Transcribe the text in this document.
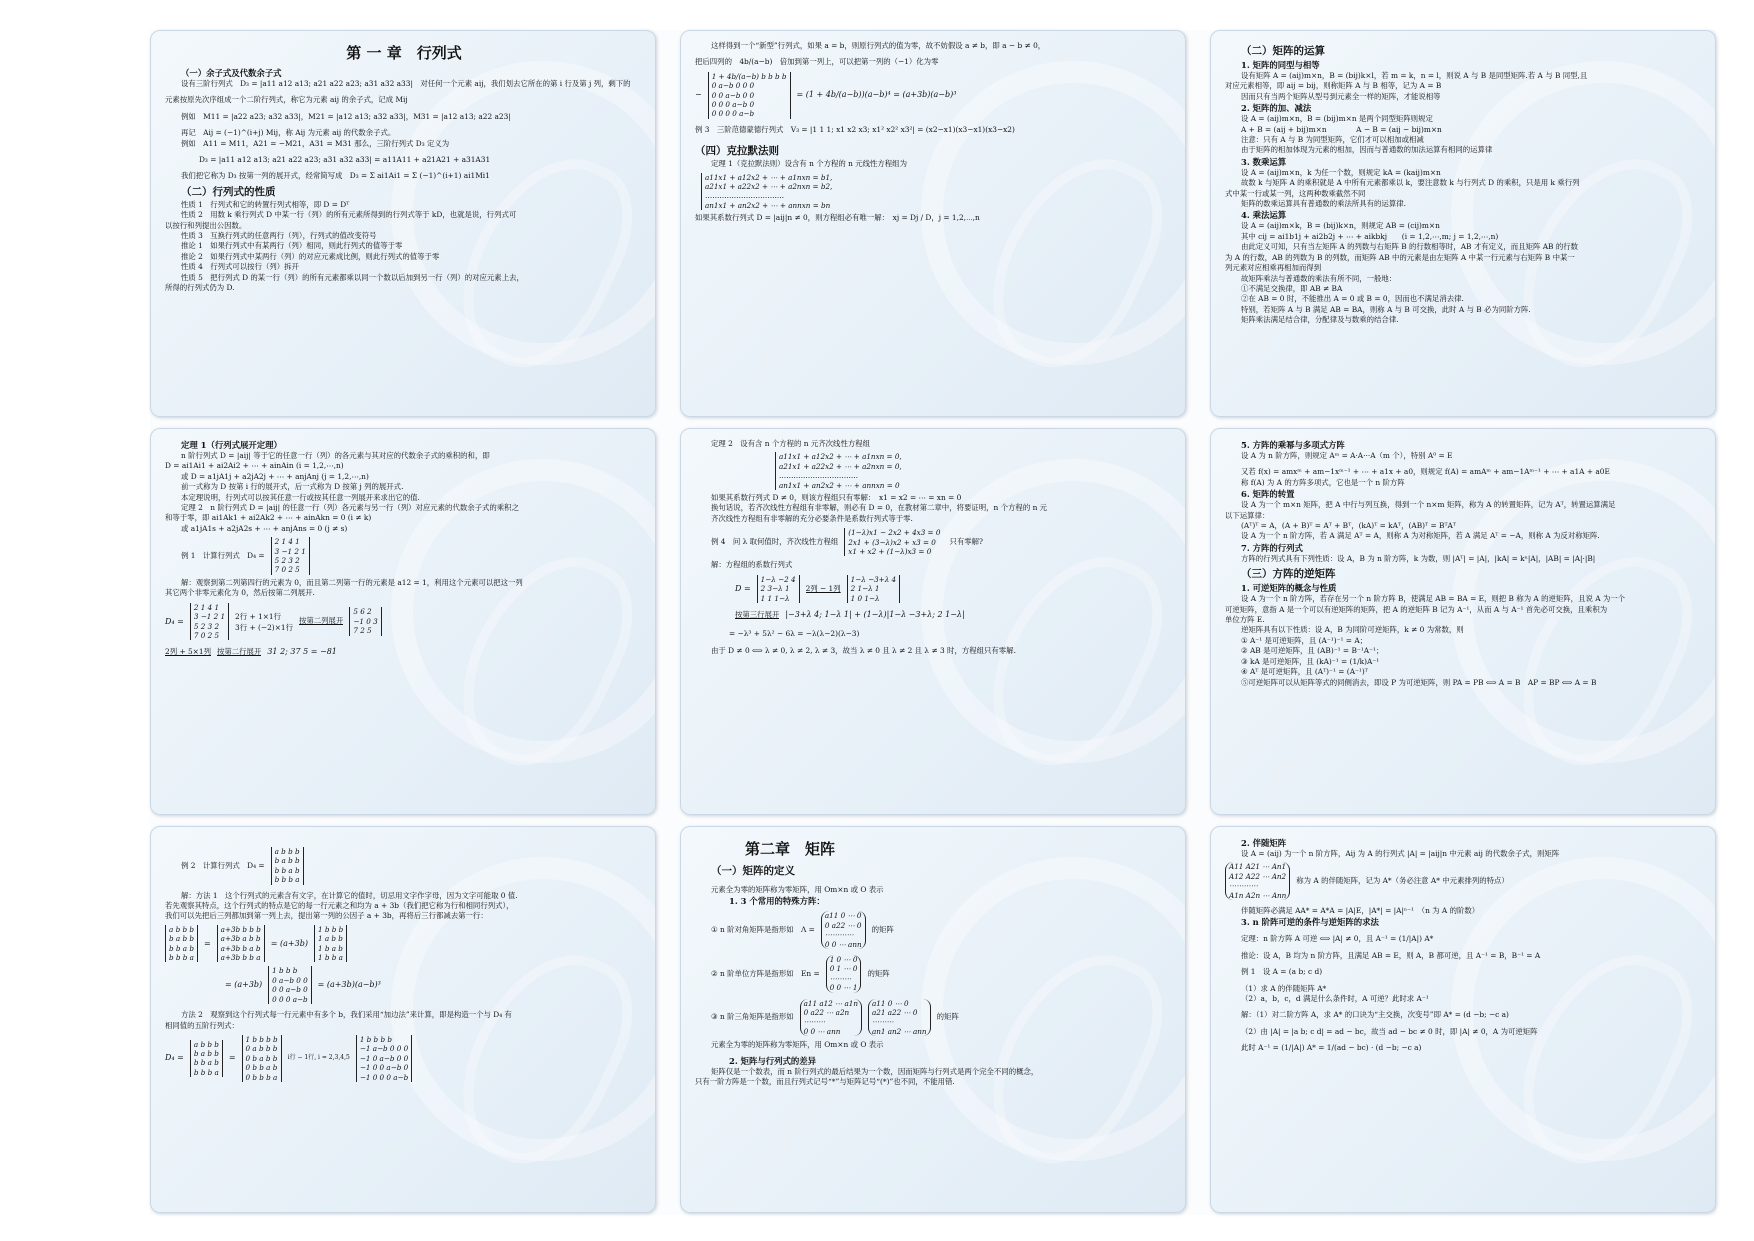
第 一 章　行列式
（一）余子式及代数余子式
设有三阶行列式　D₃ = |a11 a12 a13; a21 a22 a23; a31 a32 a33|　对任何一个元素 aij，我们划去它所在的第 i 行及第 j 列，剩下的
元素按原先次序组成一个二阶行列式，称它为元素 aij 的余子式，记成 Mij
例如　M11 = |a22 a23; a32 a33|，M21 = |a12 a13; a32 a33|，M31 = |a12 a13; a22 a23|
再记　Aij = (−1)^(i+j) Mij，称 Aij 为元素 aij 的代数余子式。
例如　A11 = M11，A21 = −M21，A31 = M31 那么，三阶行列式 D₃ 定义为
D₃ = |a11 a12 a13; a21 a22 a23; a31 a32 a33| = a11A11 + a21A21 + a31A31
我们把它称为 D₃ 按第一列的展开式，经常简写成　D₃ = Σ ai1Ai1 = Σ (−1)^(i+1) ai1Mi1
（二）行列式的性质
性质 1　行列式和它的转置行列式相等，即 D = Dᵀ
性质 2　用数 k 乘行列式 D 中某一行（列）的所有元素所得到的行列式等于 kD，也就是说，行列式可
以按行和列提出公因数。
性质 3　互换行列式的任意两行（列），行列式的值改变符号
推论 1　如果行列式中有某两行（列）相同，则此行列式的值等于零
推论 2　如果行列式中某两行（列）的对应元素成比例，则此行列式的值等于零
性质 4　行列式可以按行（列）拆开
性质 5　把行列式 D 的某一行（列）的所有元素都乘以同一个数以后加到另一行（列）的对应元素上去，
所得的行列式仍为 D.
这样得到一个“新型”行列式，如果 a = b，则原行列式的值为零，故不妨假设 a ≠ b，即 a − b ≠ 0，
把后四列的　4b/(a−b)　倍加到第一列上，可以把第一列的（−1）化为零
−
1 + 4b/(a−b) b b b b
0 a−b 0 0 0
0 0 a−b 0 0
0 0 0 a−b 0
0 0 0 0 a−b
= (1 + 4b/(a−b))(a−b)⁴ = (a+3b)(a−b)³
例 3　三阶范德蒙德行列式　V₃ = |1 1 1; x1 x2 x3; x1² x2² x3²| = (x2−x1)(x3−x1)(x3−x2)
（四）克拉默法则
定理 1（克拉默法则）设含有 n 个方程的 n 元线性方程组为
a11x1 + a12x2 + ⋯ + a1nxn = b1,
a21x1 + a22x2 + ⋯ + a2nxn = b2,
……………………………
an1x1 + an2x2 + ⋯ + annxn = bn
如果其系数行列式 D = |aij|n ≠ 0，则方程组必有唯一解：　xj = Dj / D，j = 1,2,⋯,n
（二）矩阵的运算
1. 矩阵的同型与相等
设有矩阵 A = (aij)m×n，B = (bij)k×l，若 m = k，n = l，则说 A 与 B 是同型矩阵.若 A 与 B 同型,且
对应元素相等，即 aij = bij，则称矩阵 A 与 B 相等，记为 A = B
因而只有当两个矩阵从型号到元素全一样的矩阵，才能说相等
2. 矩阵的加、减法
设 A = (aij)m×n，B = (bij)m×n 是两个同型矩阵则规定
A + B = (aij + bij)m×n　　　　A − B = (aij − bij)m×n
注意：只有 A 与 B 为同型矩阵，它们才可以相加或相减
由于矩阵的相加体现为元素的相加，因而与普通数的加法运算有相同的运算律
3. 数乘运算
设 A = (aij)m×n，k 为任一个数，则规定 kA = (kaij)m×n
故数 k 与矩阵 A 的乘积就是 A 中所有元素都乘以 k，要注意数 k 与行列式 D 的乘积，只是用 k 乘行列
式中某一行或某一列，这两种数乘截然不同
矩阵的数乘运算具有普通数的乘法所具有的运算律.
4. 乘法运算
设 A = (aij)m×k，B = (bij)k×n，则规定 AB = (cij)m×n
其中 cij = ai1b1j + ai2b2j + ⋯ + aikbkj　　(i = 1,2,⋯,m; j = 1,2,⋯,n)
由此定义可知，只有当左矩阵 A 的列数与右矩阵 B 的行数相等时，AB 才有定义，而且矩阵 AB 的行数
为 A 的行数，AB 的列数为 B 的列数，而矩阵 AB 中的元素是由左矩阵 A 中某一行元素与右矩阵 B 中某一
列元素对应相乘再相加而得到
故矩阵乘法与普通数的乘法有所不同，一般地：
①不满足交换律，即 AB ≠ BA
②在 AB = 0 时，不能推出 A = 0 或 B = 0，因而也不满足消去律.
特别，若矩阵 A 与 B 满足 AB = BA，则称 A 与 B 可交换，此时 A 与 B 必为同阶方阵.
矩阵乘法满足结合律，分配律及与数乘的结合律.
定理 1（行列式展开定理）
n 阶行列式 D = |aij| 等于它的任意一行（列）的各元素与其对应的代数余子式的乘积的和，即
D = ai1Ai1 + ai2Ai2 + ⋯ + ainAin (i = 1,2,⋯,n)
或 D = a1jA1j + a2jA2j + ⋯ + anjAnj (j = 1,2,⋯,n)
前一式称为 D 按第 i 行的展开式，后一式称为 D 按第 j 列的展开式.
本定理说明，行列式可以按其任意一行或按其任意一列展开来求出它的值.
定理 2　n 阶行列式 D = |aij| 的任意一行（列）各元素与另一行（列）对应元素的代数余子式的乘积之
和等于零，即 ai1Ak1 + ai2Ak2 + ⋯ + ainAkn = 0 (i ≠ k)
或 a1jA1s + a2jA2s + ⋯ + anjAns = 0 (j ≠ s)
例 1　计算行列式　D₄ =
2 1 4 1
3 −1 2 1
5 2 3 2
7 0 2 5
解：观察到第二列第四行的元素为 0，而且第二列第一行的元素是 a12 = 1，利用这个元素可以把这一列
其它两个非零元素化为 0，然后按第二列展开.
D₄ =
2 1 4 1
3 −1 2 1
5 2 3 2
7 0 2 5
2行 + 1×1行
3行 + (−2)×1行
按第二列展开
5 6 2
−1 0 3
7 2 5
2列 + 5×1列 按第二行展开 31 2; 37 5 = −81
定理 2　设有含 n 个方程的 n 元齐次线性方程组
a11x1 + a12x2 + ⋯ + a1nxn = 0,
a21x1 + a22x2 + ⋯ + a2nxn = 0,
……………………………
an1x1 + an2x2 + ⋯ + annxn = 0
如果其系数行列式 D ≠ 0，则该方程组只有零解：　x1 = x2 = ⋯ = xn = 0
换句话说，若齐次线性方程组有非零解，则必有 D = 0，在教材第二章中，将要证明，n 个方程的 n 元
齐次线性方程组有非零解的充分必要条件是系数行列式等于零.
例 4　问 λ 取何值时，齐次线性方程组
(1−λ)x1 − 2x2 + 4x3 = 0
2x1 + (3−λ)x2 + x3 = 0
x1 + x2 + (1−λ)x3 = 0
只有零解?
解：方程组的系数行列式
D =
1−λ −2 4
2 3−λ 1
1 1 1−λ
2列 − 1列
1−λ −3+λ 4
2 1−λ 1
1 0 1−λ
按第三行展开 |−3+λ 4; 1−λ 1| + (1−λ)|1−λ −3+λ; 2 1−λ|
= −λ³ + 5λ² − 6λ = −λ(λ−2)(λ−3)
由于 D ≠ 0 ⟺ λ ≠ 0, λ ≠ 2, λ ≠ 3，故当 λ ≠ 0 且 λ ≠ 2 且 λ ≠ 3 时，方程组只有零解.
5. 方阵的乘幂与多项式方阵
设 A 为 n 阶方阵，则规定 Aᵐ = A·A···A（m 个），特别 A⁰ = E
又若 f(x) = amxᵐ + am−1xᵐ⁻¹ + ⋯ + a1x + a0，则规定 f(A) = amAᵐ + am−1Aᵐ⁻¹ + ⋯ + a1A + a0E
称 f(A) 为 A 的方阵多项式，它也是一个 n 阶方阵
6. 矩阵的转置
设 A 为一个 m×n 矩阵，把 A 中行与列互换，得到一个 n×m 矩阵，称为 A 的转置矩阵，记为 Aᵀ，转置运算满足
以下运算律：
(Aᵀ)ᵀ = A，(A + B)ᵀ = Aᵀ + Bᵀ，(kA)ᵀ = kAᵀ，(AB)ᵀ = BᵀAᵀ
设 A 为一个 n 阶方阵，若 A 满足 Aᵀ = A，则称 A 为对称矩阵，若 A 满足 Aᵀ = −A，则称 A 为反对称矩阵.
7. 方阵的行列式
方阵的行列式具有下列性质：设 A，B 为 n 阶方阵，k 为数，则 |Aᵀ| = |A|，|kA| = kⁿ|A|，|AB| = |A|·|B|
（三）方阵的逆矩阵
1. 可逆矩阵的概念与性质
设 A 为一个 n 阶方阵，若存在另一个 n 阶方阵 B，使满足 AB = BA = E，则把 B 称为 A 的逆矩阵，且说 A 为一个
可逆矩阵，意指 A 是一个可以有逆矩阵的矩阵，把 A 的逆矩阵 B 记为 A⁻¹，从而 A 与 A⁻¹ 首先必可交换，且乘积为
单位方阵 E.
逆矩阵具有以下性质：设 A，B 为同阶可逆矩阵，k ≠ 0 为常数，则
① A⁻¹ 是可逆矩阵，且 (A⁻¹)⁻¹ = A；
② AB 是可逆矩阵，且 (AB)⁻¹ = B⁻¹A⁻¹；
③ kA 是可逆矩阵，且 (kA)⁻¹ = (1/k)A⁻¹
④ Aᵀ 是可逆矩阵，且 (Aᵀ)⁻¹ = (A⁻¹)ᵀ
⑤可逆矩阵可以从矩阵等式的同侧消去，即设 P 为可逆矩阵，则 PA = PB ⟺ A = B　AP = BP ⟺ A = B
例 2　计算行列式　D₄ =
a b b b
b a b b
b b a b
b b b a
解：方法 1　这个行列式的元素含有文字，在计算它的值时，切忌用文字作字母，因为文字可能取 0 值.
若先观察其特点，这个行列式的特点是它的每一行元素之和均为 a + 3b（我们把它称为行和相同行列式），
我们可以先把后三列都加到第一列上去，提出第一列的公因子 a + 3b，再将后三行都减去第一行：
a b b b
b a b b
b b a b
b b b a
=
a+3b b b b
a+3b a b b
a+3b b a b
a+3b b b a
= (a+3b)
1 b b b
1 a b b
1 b a b
1 b b a
= (a+3b)
1 b b b
0 a−b 0 0
0 0 a−b 0
0 0 0 a−b
= (a+3b)(a−b)³
方法 2　观察到这个行列式每一行元素中有多个 b，我们采用“加边法”来计算，即是构造一个与 D₄ 有
相同值的五阶行列式：
D₄ =
a b b b
b a b b
b b a b
b b b a
=
1 b b b b
0 a b b b
0 b a b b
0 b b a b
0 b b b a
i行 − 1行, i = 2,3,4,5
1 b b b b
−1 a−b 0 0 0
−1 0 a−b 0 0
−1 0 0 a−b 0
−1 0 0 0 a−b
第二章　矩阵
（一）矩阵的定义
元素全为零的矩阵称为零矩阵，用 Om×n 或 O 表示
1. 3 个常用的特殊方阵：
① n 阶对角矩阵是指形如　Λ =
a11 0 ⋯ 0
0 a22 ⋯ 0
⋯⋯⋯⋯
0 0 ⋯ ann
的矩阵
② n 阶单位方阵是指形如　En =
1 0 ⋯ 0
0 1 ⋯ 0
⋯⋯⋯
0 0 ⋯ 1
的矩阵
③ n 阶三角矩阵是指形如
a11 a12 ⋯ a1n
0 a22 ⋯ a2n
⋯⋯⋯
0 0 ⋯ ann
a11 0 ⋯ 0
a21 a22 ⋯ 0
⋯⋯⋯
an1 an2 ⋯ ann
的矩阵
元素全为零的矩阵称为零矩阵，用 Om×n 或 O 表示
2. 矩阵与行列式的差异
矩阵仅是一个数表，而 n 阶行列式的最后结果为一个数，因而矩阵与行列式是两个完全不同的概念，
只有一阶方阵是一个数，而且行列式记号“*”与矩阵记号“(*)”也不同，不能用错.
2. 伴随矩阵
设 A = (aij) 为一个 n 阶方阵，Aij 为 A 的行列式 |A| = |aij|n 中元素 aij 的代数余子式，则矩阵
A11 A21 ⋯ An1
A12 A22 ⋯ An2
⋯⋯⋯⋯
A1n A2n ⋯ Ann
称为 A 的伴随矩阵，记为 A*（务必注意 A* 中元素排列的特点）
伴随矩阵必满足 AA* = A*A = |A|E，|A*| = |A|ⁿ⁻¹　（n 为 A 的阶数）
3. n 阶阵可逆的条件与逆矩阵的求法
定理：n 阶方阵 A 可逆 ⟺ |A| ≠ 0，且 A⁻¹ = (1/|A|) A*
推论：设 A，B 均为 n 阶方阵，且满足 AB = E，则 A，B 都可逆，且 A⁻¹ = B，B⁻¹ = A
例 1　设 A = (a b; c d)
（1）求 A 的伴随矩阵 A*
（2）a，b，c，d 满足什么条件时，A 可逆？此时求 A⁻¹
解：（1）对二阶方阵 A，求 A* 的口诀为“主交换，次变号”即 A* = (d −b; −c a)
（2）由 |A| = |a b; c d| = ad − bc，故当 ad − bc ≠ 0 时，即 |A| ≠ 0，A 为可逆矩阵
此时 A⁻¹ = (1/|A|) A* = 1/(ad − bc) · (d −b; −c a)
